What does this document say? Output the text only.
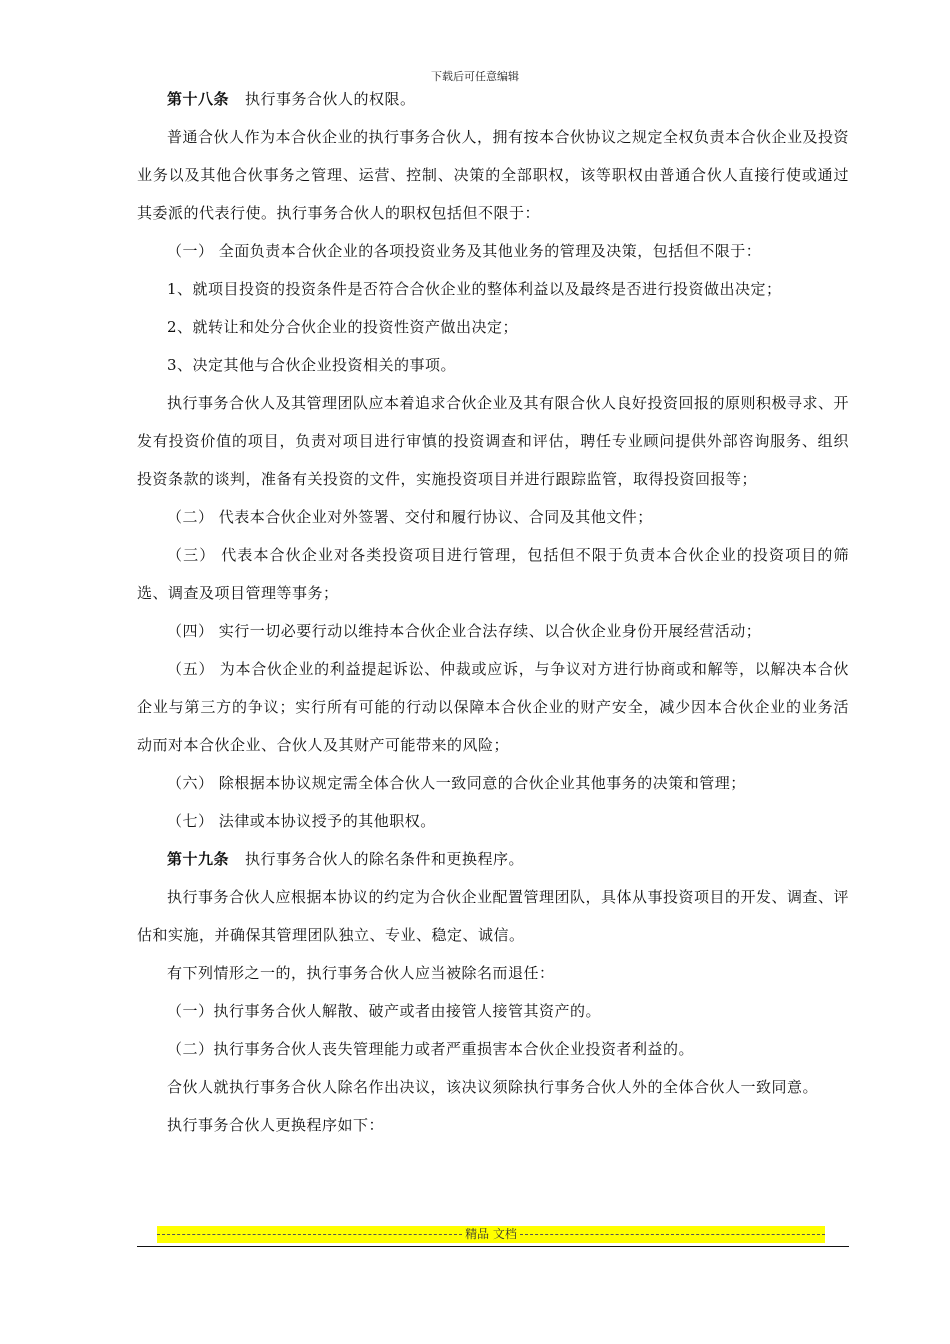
下载后可任意编辑

第十八条 执行事务合伙人的权限。

普通合伙人作为本合伙企业的执行事务合伙人，拥有按本合伙协议之规定全权负责本合伙企业及投资业务以及其他合伙事务之管理、运营、控制、决策的全部职权，该等职权由普通合伙人直接行使或通过其委派的代表行使。执行事务合伙人的职权包括但不限于：

（一） 全面负责本合伙企业的各项投资业务及其他业务的管理及决策，包括但不限于：

1、就项目投资的投资条件是否符合合伙企业的整体利益以及最终是否进行投资做出决定；

2、就转让和处分合伙企业的投资性资产做出决定；

3、决定其他与合伙企业投资相关的事项。

执行事务合伙人及其管理团队应本着追求合伙企业及其有限合伙人良好投资回报的原则积极寻求、开发有投资价值的项目，负责对项目进行审慎的投资调查和评估，聘任专业顾问提供外部咨询服务、组织投资条款的谈判，准备有关投资的文件，实施投资项目并进行跟踪监管，取得投资回报等；

（二） 代表本合伙企业对外签署、交付和履行协议、合同及其他文件；

（三） 代表本合伙企业对各类投资项目进行管理，包括但不限于负责本合伙企业的投资项目的筛选、调查及项目管理等事务；

（四） 实行一切必要行动以维持本合伙企业合法存续、以合伙企业身份开展经营活动；

（五） 为本合伙企业的利益提起诉讼、仲裁或应诉，与争议对方进行协商或和解等，以解决本合伙企业与第三方的争议；实行所有可能的行动以保障本合伙企业的财产安全，减少因本合伙企业的业务活动而对本合伙企业、合伙人及其财产可能带来的风险；

（六） 除根据本协议规定需全体合伙人一致同意的合伙企业其他事务的决策和管理；

（七） 法律或本协议授予的其他职权。

第十九条 执行事务合伙人的除名条件和更换程序。

执行事务合伙人应根据本协议的约定为合伙企业配置管理团队，具体从事投资项目的开发、调查、评估和实施，并确保其管理团队独立、专业、稳定、诚信。

有下列情形之一的，执行事务合伙人应当被除名而退任：

（一）执行事务合伙人解散、破产或者由接管人接管其资产的。

（二）执行事务合伙人丧失管理能力或者严重损害本合伙企业投资者利益的。

合伙人就执行事务合伙人除名作出决议，该决议须除执行事务合伙人外的全体合伙人一致同意。

执行事务合伙人更换程序如下：

精品 文档
